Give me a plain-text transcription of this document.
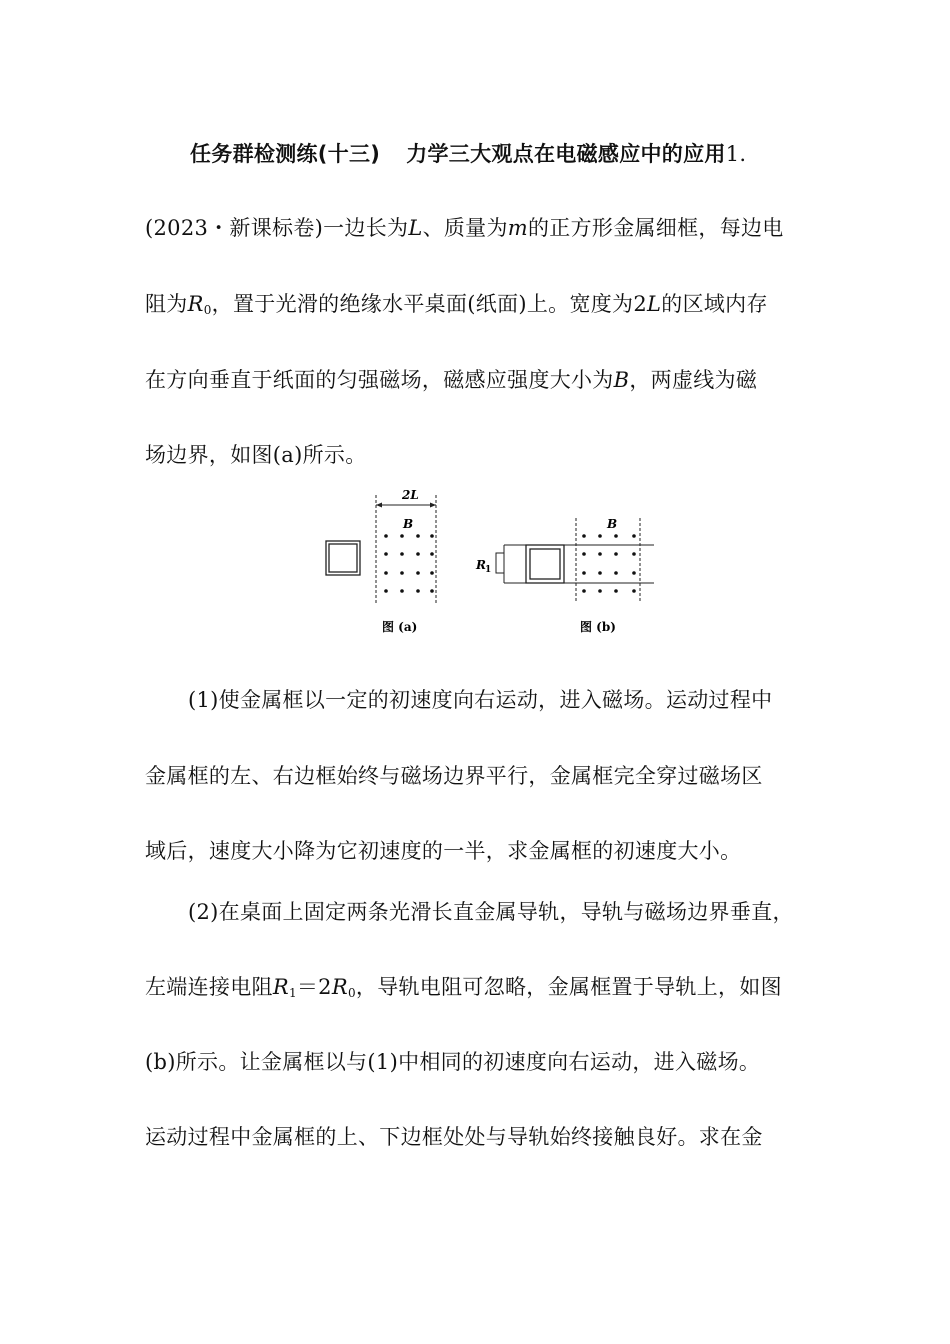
任务群检测练(十三) 力学三大观点在电磁感应中的应用1.
(2023・新课标卷)一边长为L、质量为m的正方形金属细框，每边电
阻为$R_0$，置于光滑的绝缘水平桌面(纸面)上。宽度为2L的区域内存
在方向垂直于纸面的匀强磁场，磁感应强度大小为B，两虚线为磁
场边界，如图(a)所示。
2L
B
图 (a)
R 1
B
图 (b)
(1)使金属框以一定的初速度向右运动，进入磁场。运动过程中
金属框的左、右边框始终与磁场边界平行，金属框完全穿过磁场区
域后，速度大小降为它初速度的一半，求金属框的初速度大小。
(2)在桌面上固定两条光滑长直金属导轨，导轨与磁场边界垂直，
左端连接电阻$R_1=2R_0$，导轨电阻可忽略，金属框置于导轨上，如图
(b)所示。让金属框以与(1)中相同的初速度向右运动，进入磁场。
运动过程中金属框的上、下边框处处与导轨始终接触良好。求在金
